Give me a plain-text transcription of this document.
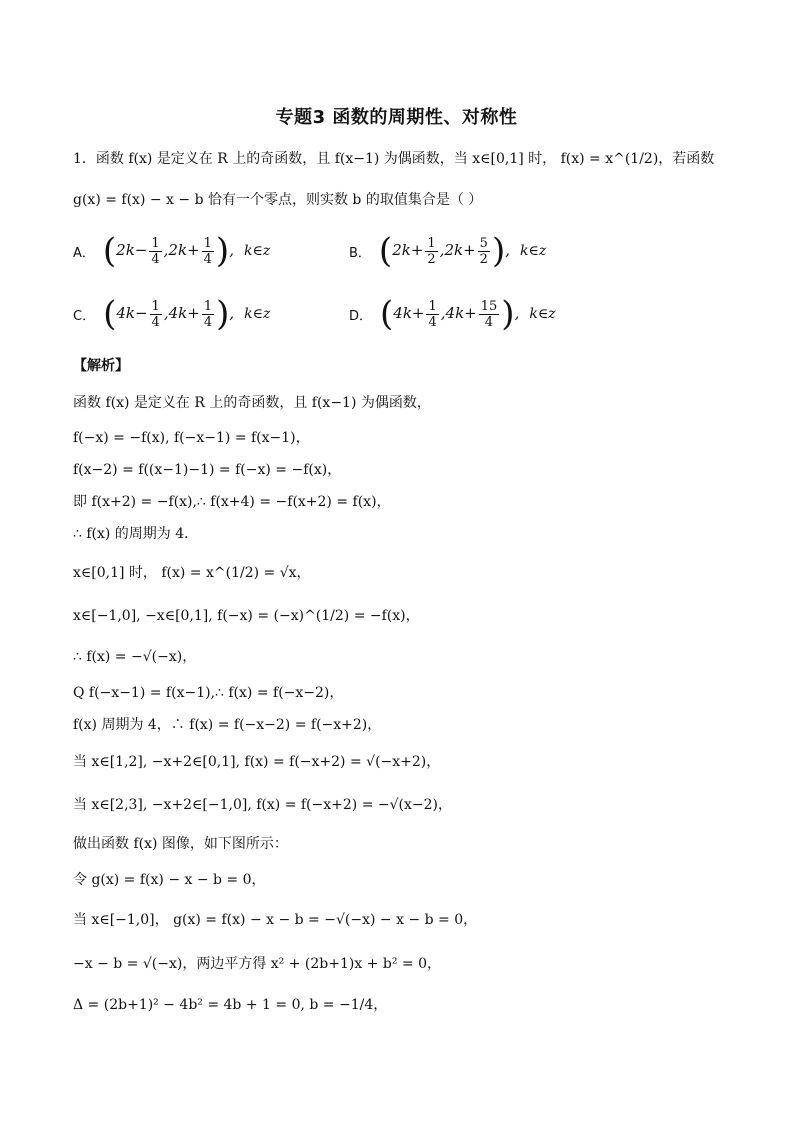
专题3 函数的周期性、对称性
1．函数 f(x) 是定义在 R 上的奇函数，且 f(x−1) 为偶函数，当 x∈[0,1] 时， f(x) = x^(1/2)，若函数
g(x) = f(x) − x − b 恰有一个零点，则实数 b 的取值集合是（ ）
A． ($2k- \frac{1}{4} ,2k+ \frac{1}{4}$ ), k∈z	B． ($2k+ \frac{1}{2} ,2k+ \frac{5}{2}$ ), k∈z
C． ($4k- \frac{1}{4} ,4k+ \frac{1}{4}$ ), k∈z	D． ($4k+ \frac{1}{4} ,4k+ \frac{15}{4}$ ), k∈z
【解析】
函数 f(x) 是定义在 R 上的奇函数，且 f(x−1) 为偶函数，
f(−x) = −f(x), f(−x−1) = f(x−1)，
f(x−2) = f((x−1)−1) = f(−x) = −f(x)，
即 f(x+2) = −f(x),∴ f(x+4) = −f(x+2) = f(x)，
∴ f(x) 的周期为 4．
x∈[0,1] 时， f(x) = x^(1/2) = √x，
x∈[−1,0], −x∈[0,1], f(−x) = (−x)^(1/2) = −f(x)，
∴ f(x) = −√(−x)，
Q f(−x−1) = f(x−1),∴ f(x) = f(−x−2)，
f(x) 周期为 4，∴ f(x) = f(−x−2) = f(−x+2)，
当 x∈[1,2], −x+2∈[0,1], f(x) = f(−x+2) = √(−x+2)，
当 x∈[2,3], −x+2∈[−1,0], f(x) = f(−x+2) = −√(x−2)，
做出函数 f(x) 图像，如下图所示：
令 g(x) = f(x) − x − b = 0，
当 x∈[−1,0]， g(x) = f(x) − x − b = −√(−x) − x − b = 0，
−x − b = √(−x)，两边平方得 x² + (2b+1)x + b² = 0，
Δ = (2b+1)² − 4b² = 4b + 1 = 0, b = −1/4，
